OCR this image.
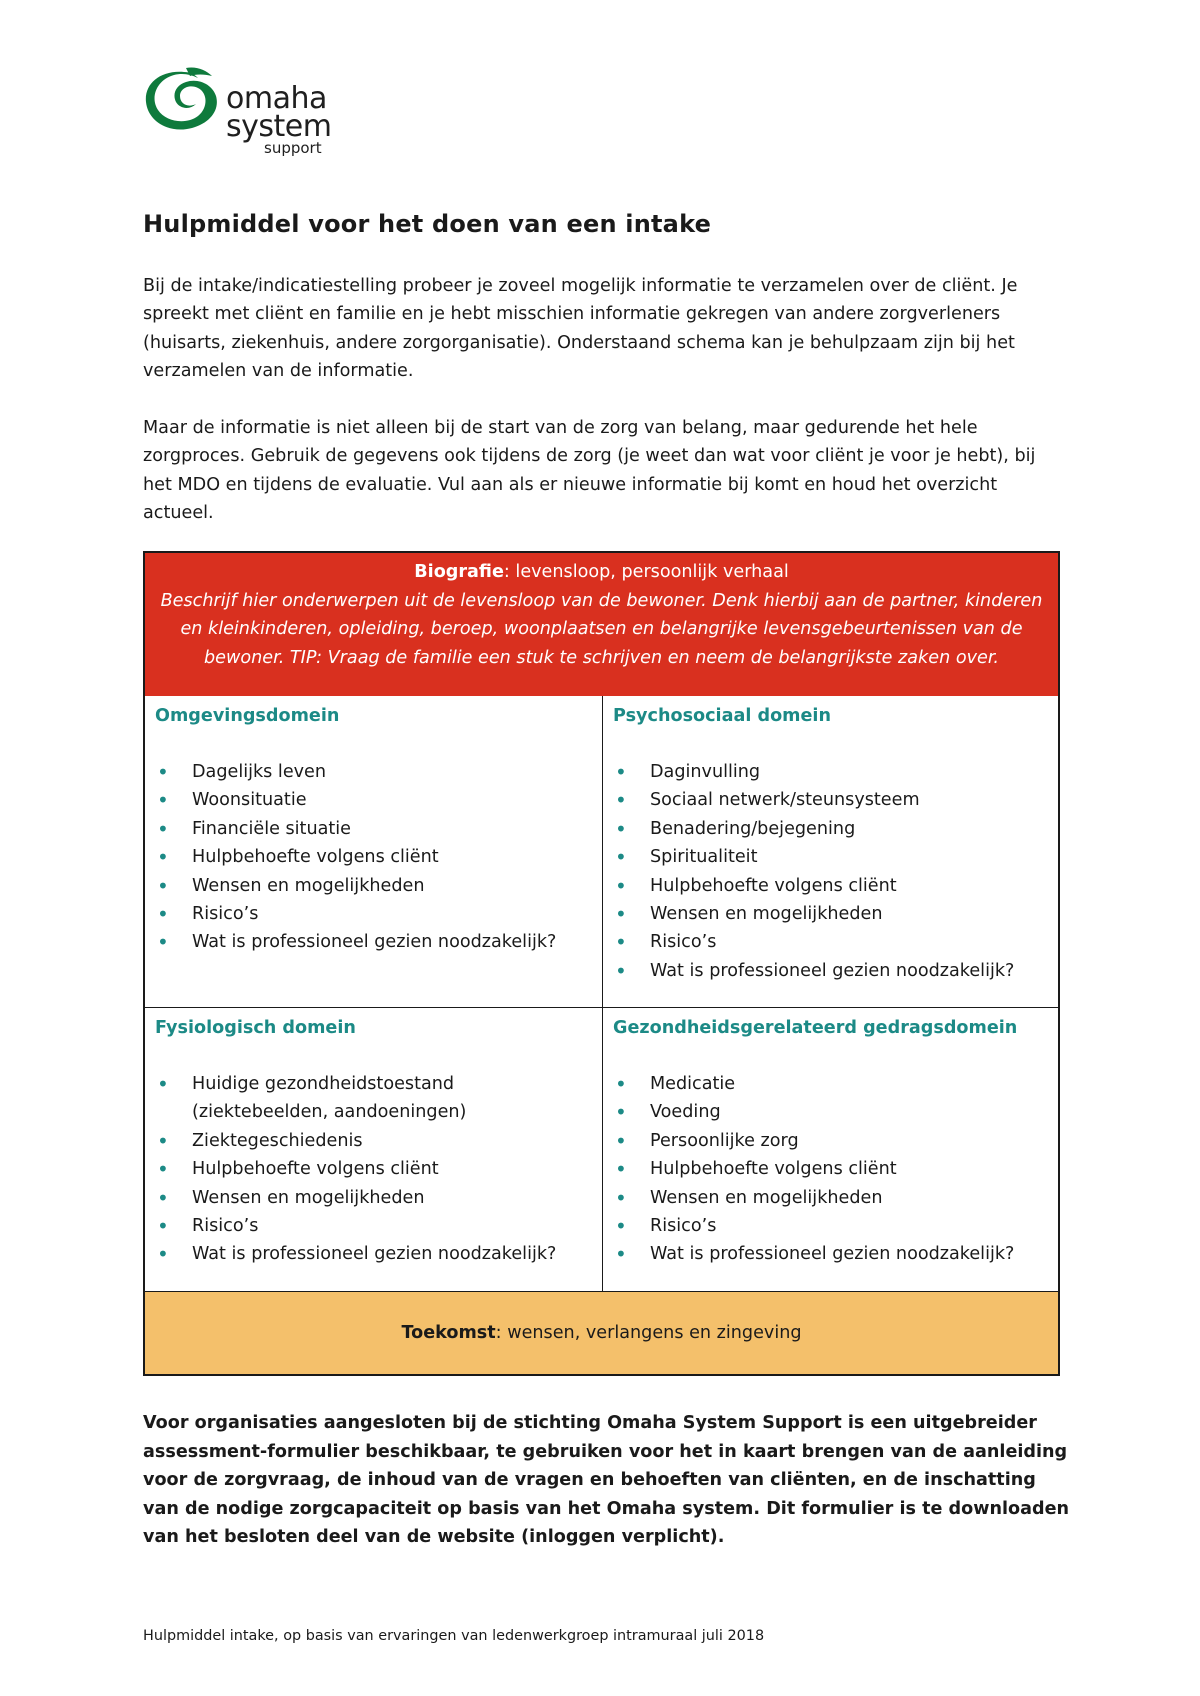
omaha
system
support
Hulpmiddel voor het doen van een intake

Bij de intake/indicatiestelling probeer je zoveel mogelijk informatie te verzamelen over de cliënt. Je spreekt met cliënt en familie en je hebt misschien informatie gekregen van andere zorgverleners (huisarts, ziekenhuis, andere zorgorganisatie). Onderstaand schema kan je behulpzaam zijn bij het verzamelen van de informatie.

Maar de informatie is niet alleen bij de start van de zorg van belang, maar gedurende het hele zorgproces. Gebruik de gegevens ook tijdens de zorg (je weet dan wat voor cliënt je voor je hebt), bij het MDO en tijdens de evaluatie. Vul aan als er nieuwe informatie bij komt en houd het overzicht actueel.

Biografie: levensloop, persoonlijk verhaal
Beschrijf hier onderwerpen uit de levensloop van de bewoner. Denk hierbij aan de partner, kinderen en kleinkinderen, opleiding, beroep, woonplaatsen en belangrijke levensgebeurtenissen van de bewoner. TIP: Vraag de familie een stuk te schrijven en neem de belangrijkste zaken over.
Omgevingsdomein
• Dagelijks leven
• Woonsituatie
• Financiële situatie
• Hulpbehoefte volgens cliënt
• Wensen en mogelijkheden
• Risico’s
• Wat is professioneel gezien noodzakelijk?
Psychosociaal domein
• Daginvulling
• Sociaal netwerk/steunsysteem
• Benadering/bejegening
• Spiritualiteit
• Hulpbehoefte volgens cliënt
• Wensen en mogelijkheden
• Risico’s
• Wat is professioneel gezien noodzakelijk?
Fysiologisch domein
• Huidige gezondheidstoestand (ziektebeelden, aandoeningen)
• Ziektegeschiedenis
• Hulpbehoefte volgens cliënt
• Wensen en mogelijkheden
• Risico’s
• Wat is professioneel gezien noodzakelijk?
Gezondheidsgerelateerd gedragsdomein
• Medicatie
• Voeding
• Persoonlijke zorg
• Hulpbehoefte volgens cliënt
• Wensen en mogelijkheden
• Risico’s
• Wat is professioneel gezien noodzakelijk?
Toekomst: wensen, verlangens en zingeving

Voor organisaties aangesloten bij de stichting Omaha System Support is een uitgebreider assessment-formulier beschikbaar, te gebruiken voor het in kaart brengen van de aanleiding voor de zorgvraag, de inhoud van de vragen en behoeften van cliënten, en de inschatting van de nodige zorgcapaciteit op basis van het Omaha system. Dit formulier is te downloaden van het besloten deel van de website (inloggen verplicht).

Hulpmiddel intake, op basis van ervaringen van ledenwerkgroep intramuraal juli 2018
